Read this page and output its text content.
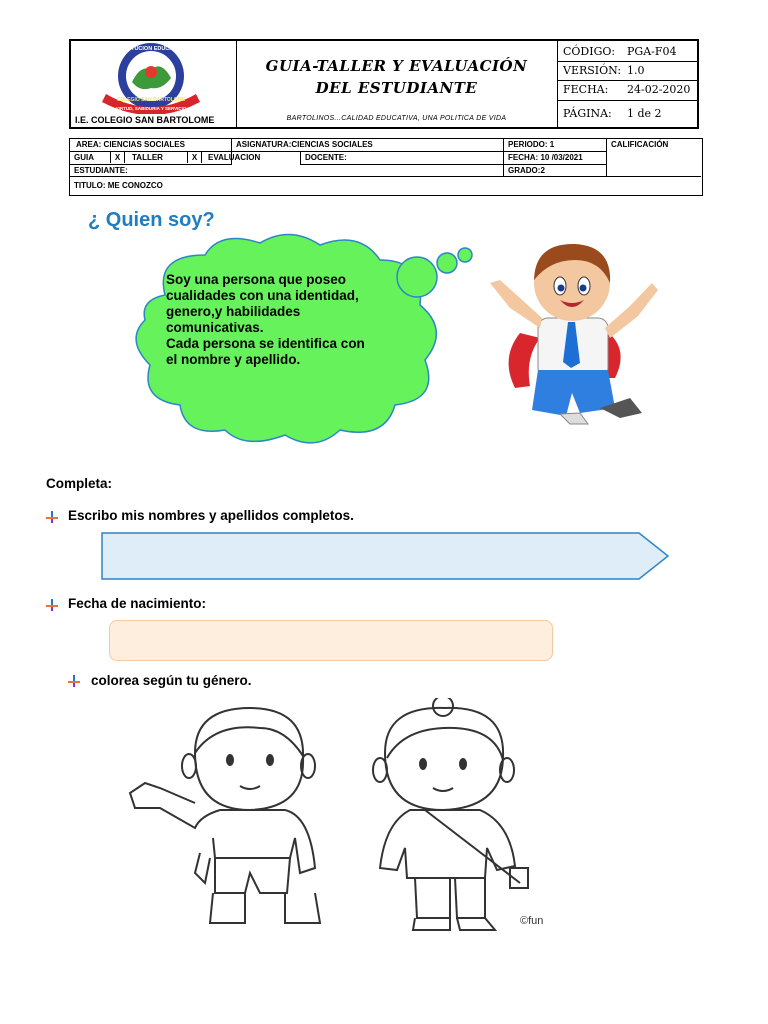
INSTITUCION EDUCATIVA
COLEGIO SAN BARTOLOME
VIRTUD, SABIDURIA Y SERVICIO
I.E. COLEGIO SAN BARTOLOME
GUIA-TALLER Y EVALUACIÓN
DEL ESTUDIANTE
BARTOLINOS...CALIDAD EDUCATIVA, UNA POLITICA DE VIDA
CÓDIGO: PGA-F04
VERSIÓN: 1.0
FECHA: 24-02-2020
PÁGINA: 1 de 2
AREA: CIENCIAS SOCIALES	ASIGNATURA:CIENCIAS SOCIALES	PERIODO: 1	CALIFICACIÓN
GUIA	X	TALLER	X	EVALUACION	DOCENTE:	FECHA: 10 /03/2021
ESTUDIANTE:	GRADO:2
TITULO: ME CONOZCO
¿ Quien soy?
Soy una persona que poseo cualidades con una identidad, genero,y habilidades comunicativas.
Cada persona se identifica con el nombre y apellido.
Completa:
Escribo mis nombres y apellidos completos.
Fecha de nacimiento:
colorea según tu género.
©fun
